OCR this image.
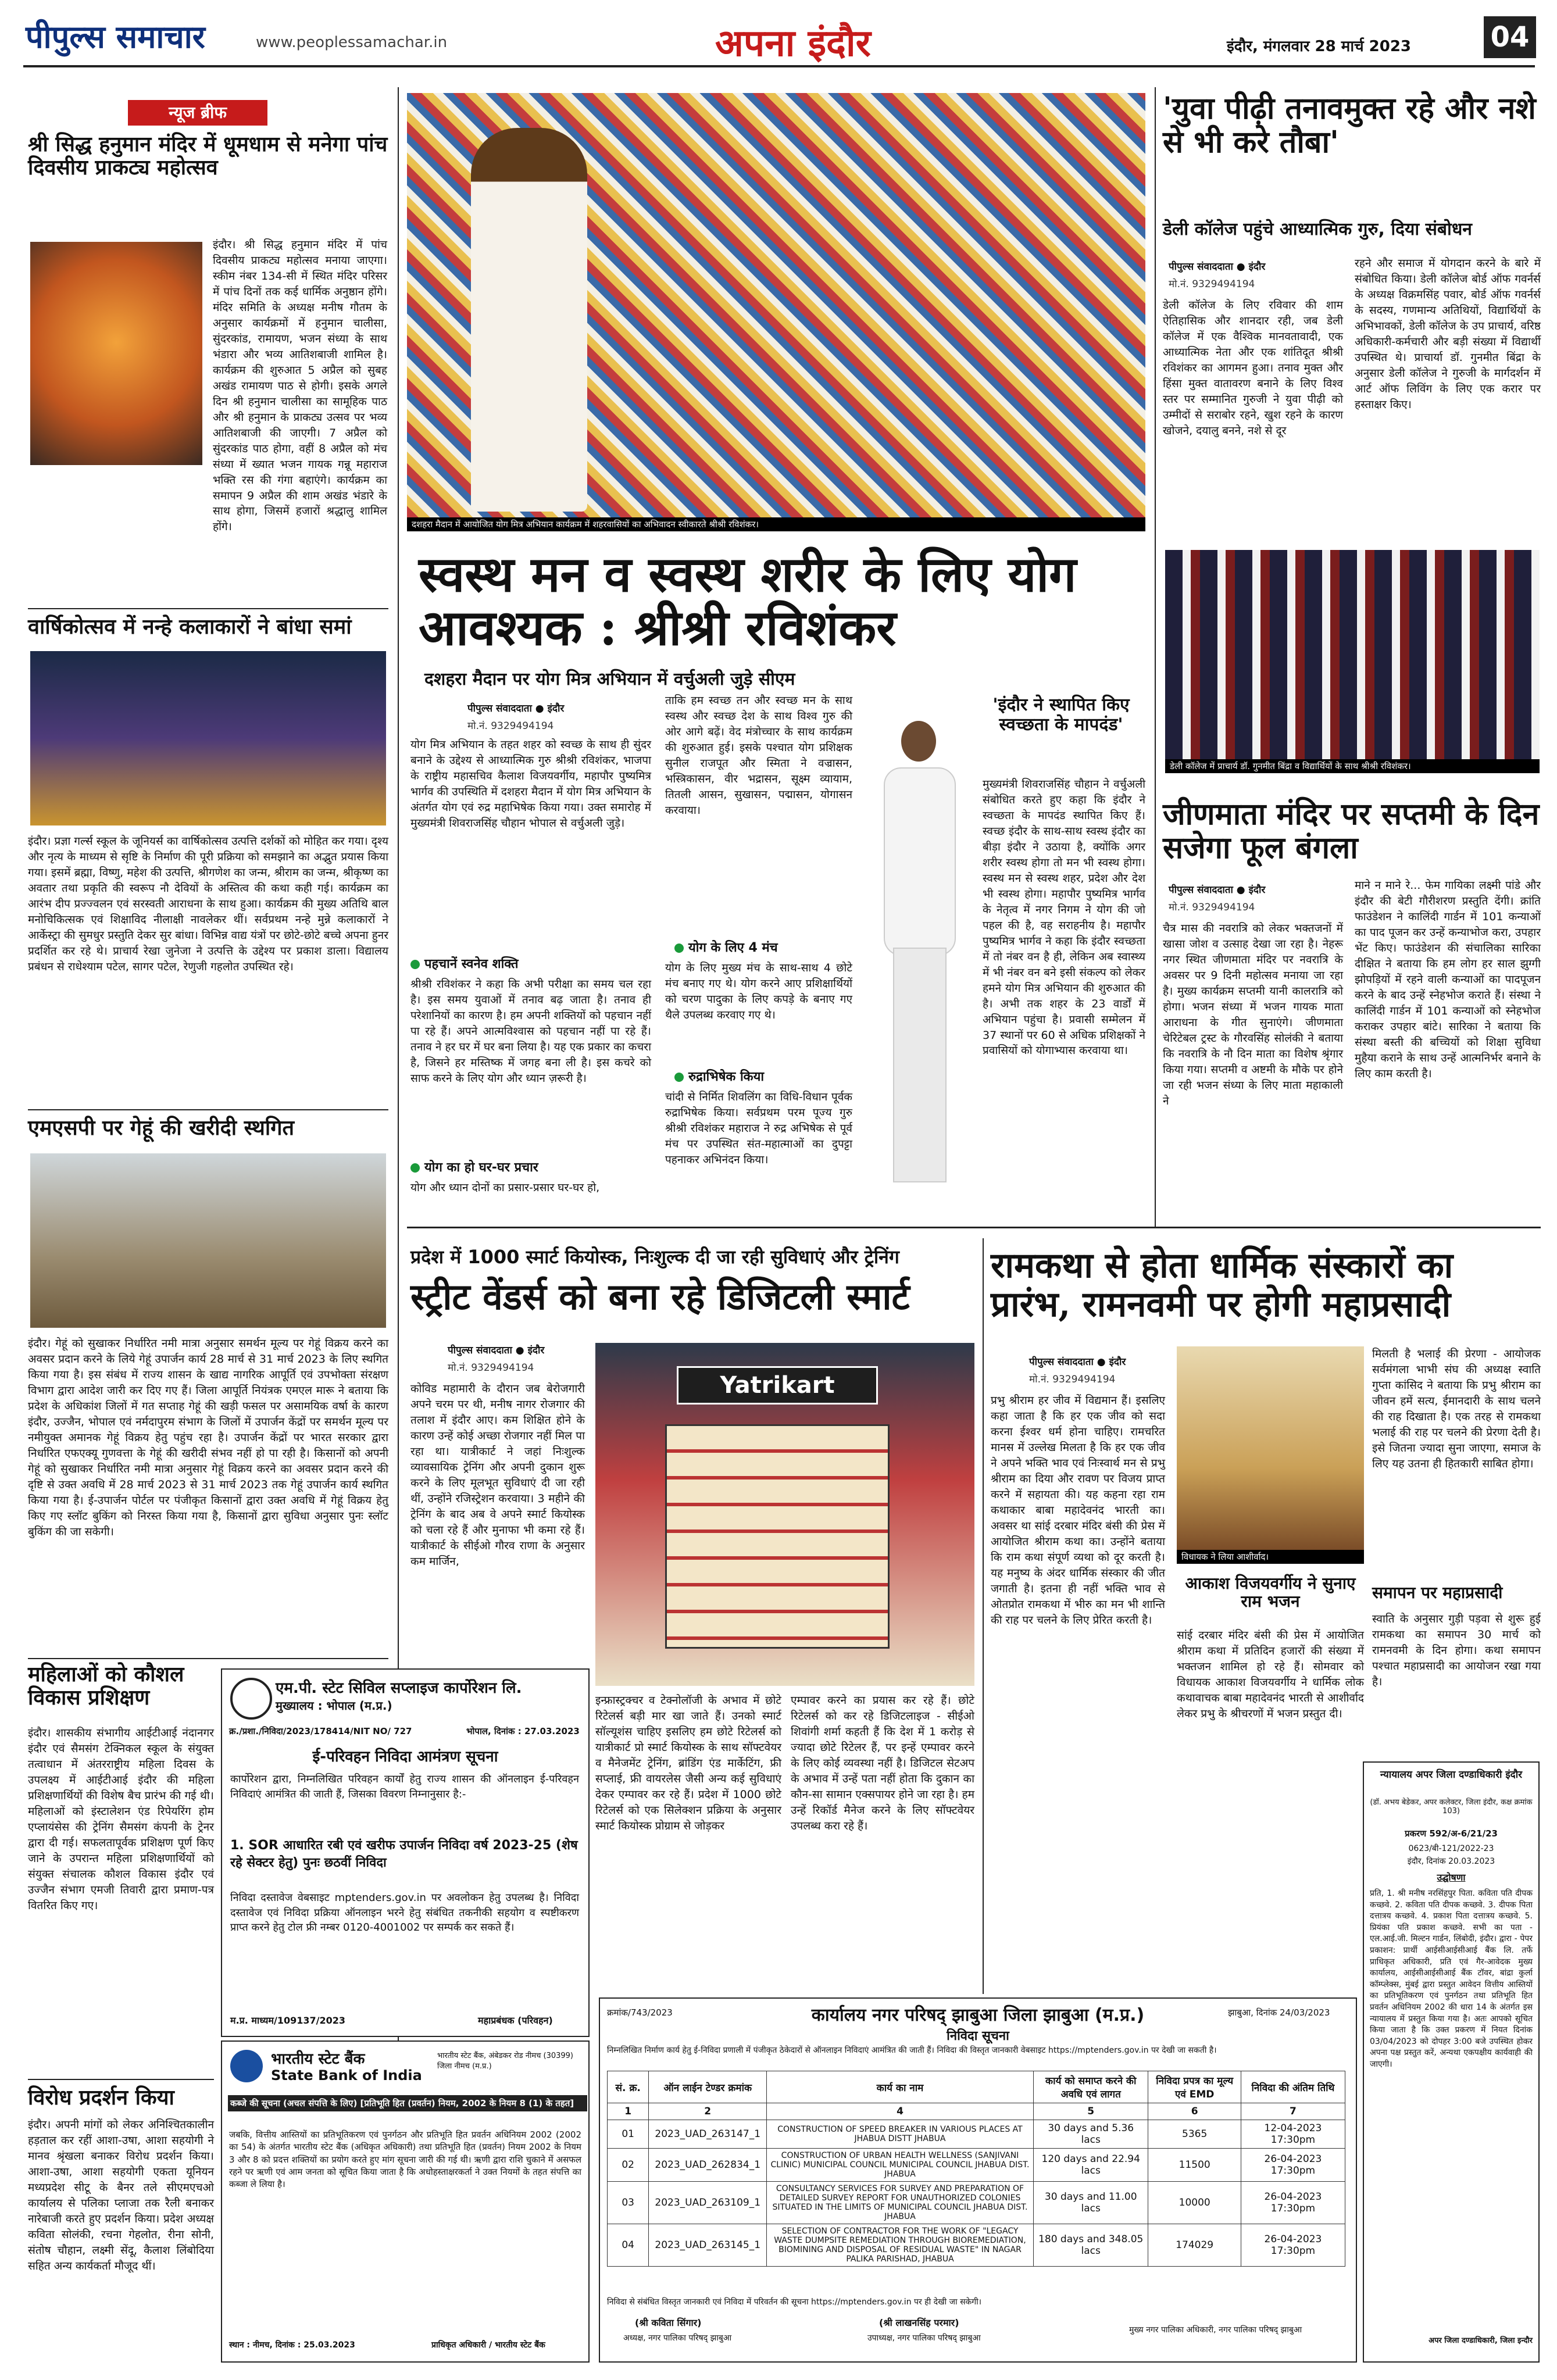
पीपुल्स समाचार	www.peoplessamachar.in	अपना इंदौर	इंदौर, मंगलवार 28 मार्च 2023	04
न्यूज ब्रीफ
श्री सिद्ध हनुमान मंदिर में धूमधाम से मनेगा पांच दिवसीय प्राकट्य महोत्सव
इंदौर। श्री सिद्ध हनुमान मंदिर में पांच दिवसीय प्राकट्य महोत्सव मनाया जाएगा। स्कीम नंबर 134-सी में स्थित मंदिर परिसर में पांच दिनों तक कई धार्मिक अनुष्ठान होंगे। मंदिर समिति के अध्यक्ष मनीष गौतम के अनुसार कार्यक्रमों में हनुमान चालीसा, सुंदरकांड, रामायण, भजन संध्या के साथ भंडारा और भव्य आतिशबाजी शामिल है। कार्यक्रम की शुरुआत 5 अप्रैल को सुबह अखंड रामायण पाठ से होगी। इसके अगले दिन श्री हनुमान चालीसा का सामूहिक पाठ और श्री हनुमान के प्राकट्य उत्सव पर भव्य आतिशबाजी की जाएगी। 7 अप्रैल को सुंदरकांड पाठ होगा, वहीं 8 अप्रैल को मंच संध्या में ख्यात भजन गायक गन्नू महाराज भक्ति रस की गंगा बहाएंगे। कार्यक्रम का समापन 9 अप्रैल की शाम अखंड भंडारे के साथ होगा, जिसमें हजारों श्रद्धालु शामिल होंगे।
वार्षिकोत्सव में नन्हे कलाकारों ने बांधा समां
इंदौर। प्रज्ञा गर्ल्स स्कूल के जूनियर्स का वार्षिकोत्सव उत्पत्ति दर्शकों को मोहित कर गया। दृश्य और नृत्य के माध्यम से सृष्टि के निर्माण की पूरी प्रक्रिया को समझाने का अद्भुत प्रयास किया गया। इसमें ब्रह्मा, विष्णु, महेश की उत्पत्ति, श्रीगणेश का जन्म, श्रीराम का जन्म, श्रीकृष्ण का अवतार तथा प्रकृति की स्वरूप नौ देवियों के अस्तित्व की कथा कही गई। कार्यक्रम का आरंभ दीप प्रज्ज्वलन एवं सरस्वती आराधना के साथ हुआ। कार्यक्रम की मुख्य अतिथि बाल मनोचिकित्सक एवं शिक्षाविद नीलाक्षी नावलेकर थीं। सर्वप्रथम नन्हे मुन्ने कलाकारों ने आर्केस्ट्रा की सुमधुर प्रस्तुति देकर सुर बांधा। विभिन्न वाद्य यंत्रों पर छोटे-छोटे बच्चे अपना हुनर प्रदर्शित कर रहे थे। प्राचार्य रेखा जुनेजा ने उत्पत्ति के उद्देश्य पर प्रकाश डाला। विद्यालय प्रबंधन से राधेश्याम पटेल, सागर पटेल, रेणुजी गहलोत उपस्थित रहे।
एमएसपी पर गेहूं की खरीदी स्थगित
इंदौर। गेहूं को सुखाकर निर्धारित नमी मात्रा अनुसार समर्थन मूल्य पर गेहूं विक्रय करने का अवसर प्रदान करने के लिये गेहूं उपार्जन कार्य 28 मार्च से 31 मार्च 2023 के लिए स्थगित किया गया है। इस संबंध में राज्य शासन के खाद्य नागरिक आपूर्ति एवं उपभोक्ता संरक्षण विभाग द्वारा आदेश जारी कर दिए गए हैं। जिला आपूर्ति नियंत्रक एमएल मारू ने बताया कि प्रदेश के अधिकांश जिलों में गत सप्ताह गेहूं की खड़ी फसल पर असामयिक वर्षा के कारण इंदौर, उज्जैन, भोपाल एवं नर्मदापुरम संभाग के जिलों में उपार्जन केंद्रों पर समर्थन मूल्य पर नमीयुक्त अमानक गेहूं विक्रय हेतु पहुंच रहा है। उपार्जन केंद्रों पर भारत सरकार द्वारा निर्धारित एफएक्यू गुणवत्ता के गेहूं की खरीदी संभव नहीं हो पा रही है। किसानों को अपनी गेहूं को सुखाकर निर्धारित नमी मात्रा अनुसार गेहूं विक्रय करने का अवसर प्रदान करने की दृष्टि से उक्त अवधि में 28 मार्च 2023 से 31 मार्च 2023 तक गेहूं उपार्जन कार्य स्थगित किया गया है। ई-उपार्जन पोर्टल पर पंजीकृत किसानों द्वारा उक्त अवधि में गेहूं विक्रय हेतु किए गए स्लॉट बुकिंग को निरस्त किया गया है, किसानों द्वारा सुविधा अनुसार पुनः स्लॉट बुकिंग की जा सकेगी।
महिलाओं को कौशल विकास प्रशिक्षण
इंदौर। शासकीय संभागीय आईटीआई नंदानगर इंदौर एवं सैमसंग टेक्निकल स्कूल के संयुक्त तत्वाधान में अंतरराष्ट्रीय महिला दिवस के उपलक्ष्य में आईटीआई इंदौर की महिला प्रशिक्षणार्थियों की विशेष बैच प्रारंभ की गई थी। महिलाओं को इंस्टालेशन एंड रिपेयरिंग होम एप्लायंसेस की ट्रेनिंग सैमसंग कंपनी के ट्रेनर द्वारा दी गई। सफलतापूर्वक प्रशिक्षण पूर्ण किए जाने के उपरान्त महिला प्रशिक्षणार्थियों को संयुक्त संचालक कौशल विकास इंदौर एवं उज्जैन संभाग एमजी तिवारी द्वारा प्रमाण-पत्र वितरित किए गए।
विरोध प्रदर्शन किया
इंदौर। अपनी मांगों को लेकर अनिश्चितकालीन हड़ताल कर रहीं आशा-उषा, आशा सहयोगी ने मानव श्रृंखला बनाकर विरोध प्रदर्शन किया। आशा-उषा, आशा सहयोगी एकता यूनियन मध्यप्रदेश सीटू के बैनर तले सीएमएचओ कार्यालय से पलिका प्लाजा तक रैली बनाकर नारेबाजी करते हुए प्रदर्शन किया। प्रदेश अध्यक्ष कविता सोलंकी, रचना गेहलोत, रीना सोनी, संतोष चौहान, लक्ष्मी सेंदू, कैलाश लिंबोदिया सहित अन्य कार्यकर्ता मौजूद थीं।
दशहरा मैदान में आयोजित योग मित्र अभियान कार्यक्रम में शहरवासियों का अभिवादन स्वीकारते श्रीश्री रविशंकर।
स्वस्थ मन व स्वस्थ शरीर के लिए योग आवश्यक : श्रीश्री रविशंकर
दशहरा मैदान पर योग मित्र अभियान में वर्चुअली जुड़े सीएम
पीपुल्स संवाददाता ● इंदौर
मो.नं. 9329494194
योग मित्र अभियान के तहत शहर को स्वच्छ के साथ ही सुंदर बनाने के उद्देश्य से आध्यात्मिक गुरु श्रीश्री रविशंकर, भाजपा के राष्ट्रीय महासचिव कैलाश विजयवर्गीय, महापौर पुष्यमित्र भार्गव की उपस्थिति में दशहरा मैदान में योग मित्र अभियान के अंतर्गत योग एवं रुद्र महाभिषेक किया गया। उक्त समारोह में मुख्यमंत्री शिवराजसिंह चौहान भोपाल से वर्चुअली जुड़े।
पहचानें स्वनेव शक्ति
श्रीश्री रविशंकर ने कहा कि अभी परीक्षा का समय चल रहा है। इस समय युवाओं में तनाव बढ़ जाता है। तनाव ही परेशानियों का कारण है। हम अपनी शक्तियों को पहचान नहीं पा रहे हैं। अपने आत्मविश्वास को पहचान नहीं पा रहे हैं। तनाव ने हर घर में घर बना लिया है। यह एक प्रकार का कचरा है, जिसने हर मस्तिष्क में जगह बना ली है। इस कचरे को साफ करने के लिए योग और ध्यान ज़रूरी है।
योग का हो घर-घर प्रचार
योग और ध्यान दोनों का प्रसार-प्रसार घर-घर हो,
ताकि हम स्वच्छ तन और स्वच्छ मन के साथ स्वस्थ और स्वच्छ देश के साथ विश्व गुरु की ओर आगे बढ़ें। वेद मंत्रोच्चार के साथ कार्यक्रम की शुरुआत हुई। इसके पश्चात योग प्रशिक्षक सुनील राजपूत और स्मिता ने वज्रासन, भस्त्रिकासन, वीर भद्रासन, सूक्ष्म व्यायाम, तितली आसन, सुखासन, पद्मासन, योगासन करवाया।
योग के लिए 4 मंच
योग के लिए मुख्य मंच के साथ-साथ 4 छोटे मंच बनाए गए थे। योग करने आए प्रशिक्षार्थियों को चरण पादुका के लिए कपड़े के बनाए गए थैले उपलब्ध करवाए गए थे।
रुद्राभिषेक किया
चांदी से निर्मित शिवलिंग का विधि-विधान पूर्वक रुद्राभिषेक किया। सर्वप्रथम परम पूज्य गुरु श्रीश्री रविशंकर महाराज ने रुद्र अभिषेक से पूर्व मंच पर उपस्थित संत-महात्माओं का दुपट्टा पहनाकर अभिनंदन किया।
'इंदौर ने स्थापित किए स्वच्छता के मापदंड'
मुख्यमंत्री शिवराजसिंह चौहान ने वर्चुअली संबोधित करते हुए कहा कि इंदौर ने स्वच्छता के मापदंड स्थापित किए हैं। स्वच्छ इंदौर के साथ-साथ स्वस्थ इंदौर का बीड़ा इंदौर ने उठाया है, क्योंकि अगर शरीर स्वस्थ होगा तो मन भी स्वस्थ होगा। स्वस्थ मन से स्वस्थ शहर, प्रदेश और देश भी स्वस्थ होगा। महापौर पुष्यमित्र भार्गव के नेतृत्व में नगर निगम ने योग की जो पहल की है, वह सराहनीय है। महापौर पुष्यमित्र भार्गव ने कहा कि इंदौर स्वच्छता में तो नंबर वन है ही, लेकिन अब स्वास्थ्य में भी नंबर वन बने इसी संकल्प को लेकर हमने योग मित्र अभियान की शुरुआत की है। अभी तक शहर के 23 वार्डों में अभियान पहुंचा है। प्रवासी सम्मेलन में 37 स्थानों पर 60 से अधिक प्रशिक्षकों ने प्रवासियों को योगाभ्यास करवाया था।
'युवा पीढ़ी तनावमुक्त रहे और नशे से भी करे तौबा'
डेली कॉलेज पहुंचे आध्यात्मिक गुरु, दिया संबोधन
पीपुल्स संवाददाता ● इंदौर
मो.नं. 9329494194
डेली कॉलेज के लिए रविवार की शाम ऐतिहासिक और शानदार रही, जब डेली कॉलेज में एक वैश्विक मानवतावादी, एक आध्यात्मिक नेता और एक शांतिदूत श्रीश्री रविशंकर का आगमन हुआ। तनाव मुक्त और हिंसा मुक्त वातावरण बनाने के लिए विश्व स्तर पर सम्मानित गुरुजी ने युवा पीढ़ी को उम्मीदों से सराबोर रहने, खुश रहने के कारण खोजने, दयालु बनने, नशे से दूर
रहने और समाज में योगदान करने के बारे में संबोधित किया। डेली कॉलेज बोर्ड ऑफ गवर्नर्स के अध्यक्ष विक्रमसिंह पवार, बोर्ड ऑफ गवर्नर्स के सदस्य, गणमान्य अतिथियों, विद्यार्थियों के अभिभावकों, डेली कॉलेज के उप प्राचार्य, वरिष्ठ अधिकारी-कर्मचारी और बड़ी संख्या में विद्यार्थी उपस्थित थे। प्राचार्या डॉ. गुनमीत बिंद्रा के अनुसार डेली कॉलेज ने गुरुजी के मार्गदर्शन में आर्ट ऑफ लिविंग के लिए एक करार पर हस्ताक्षर किए।
डेली कॉलेज में प्राचार्य डॉ. गुनमीत बिंद्रा व विद्यार्थियों के साथ श्रीश्री रविशंकर।
जीणमाता मंदिर पर सप्तमी के दिन सजेगा फूल बंगला
पीपुल्स संवाददाता ● इंदौर
मो.नं. 9329494194
चैत्र मास की नवरात्रि को लेकर भक्तजनों में खासा जोश व उत्साह देखा जा रहा है। नेहरू नगर स्थित जीणमाता मंदिर पर नवरात्रि के अवसर पर 9 दिनी महोत्सव मनाया जा रहा है। मुख्य कार्यक्रम सप्तमी यानी कालरात्रि को होगा। भजन संध्या में भजन गायक माता आराधना के गीत सुनाएंगे। जीणमाता चेरिटेबल ट्रस्ट के गौरवसिंह सोलंकी ने बताया कि नवरात्रि के नौ दिन माता का विशेष श्रृंगार किया गया। सप्तमी व अष्टमी के मौके पर होने जा रही भजन संध्या के लिए माता महाकाली ने
माने न माने रे... फेम गायिका लक्ष्मी पांडे और इंदौर की बेटी गौरीशरण प्रस्तुति देंगी। क्रांति फाउंडेशन ने कालिंदी गार्डन में 101 कन्याओं का पाद पूजन कर उन्हें कन्याभोज करा, उपहार भेंट किए। फाउंडेशन की संचालिका सारिका दीक्षित ने बताया कि हम लोग हर साल झुग्गी झोपड़ियों में रहने वाली कन्याओं का पादपूजन करने के बाद उन्हें स्नेहभोज कराते हैं। संस्था ने कालिंदी गार्डन में 101 कन्याओं को स्नेहभोज कराकर उपहार बांटे। सारिका ने बताया कि संस्था बस्ती की बच्चियों को शिक्षा सुविधा मुहैया कराने के साथ उन्हें आत्मनिर्भर बनाने के लिए काम करती है।
प्रदेश में 1000 स्मार्ट कियोस्क, निःशुल्क दी जा रही सुविधाएं और ट्रेनिंग
स्ट्रीट वेंडर्स को बना रहे डिजिटली स्मार्ट
पीपुल्स संवाददाता ● इंदौर
मो.नं. 9329494194
कोविड महामारी के दौरान जब बेरोजगारी अपने चरम पर थी, मनीष नागर रोजगार की तलाश में इंदौर आए। कम शिक्षित होने के कारण उन्हें कोई अच्छा रोजगार नहीं मिल पा रहा था। यात्रीकार्ट ने जहां निःशुल्क व्यावसायिक ट्रेनिंग और अपनी दुकान शुरू करने के लिए मूलभूत सुविधाएं दी जा रही थीं, उन्होंने रजिस्ट्रेशन करवाया। 3 महीने की ट्रेनिंग के बाद अब वे अपने स्मार्ट कियोस्क को चला रहे हैं और मुनाफा भी कमा रहे हैं। यात्रीकार्ट के सीईओ गौरव राणा के अनुसार कम मार्जिन,
Yatrikart
इन्फ्रास्ट्रक्चर व टेक्नोलॉजी के अभाव में छोटे रिटेलर्स बड़ी मार खा जाते हैं। उनको स्मार्ट सॉल्यूशंस चाहिए इसलिए हम छोटे रिटेलर्स को यात्रीकार्ट प्रो स्मार्ट कियोस्क के साथ सॉफ्टवेयर व मैनेजमेंट ट्रेनिंग, ब्रांडिंग एंड मार्केटिंग, फ्री सप्लाई, फ्री वायरलेस जैसी अन्य कई सुविधाएं देकर एम्पावर कर रहे हैं। प्रदेश में 1000 छोटे रिटेलर्स को एक सिलेक्शन प्रक्रिया के अनुसार स्मार्ट कियोस्क प्रोग्राम से जोड़कर
एम्पावर करने का प्रयास कर रहे हैं। छोटे रिटेलर्स को कर रहे डिजिटलाइज - सीईओ शिवांगी शर्मा कहती हैं कि देश में 1 करोड़ से ज्यादा छोटे रिटेलर हैं, पर इन्हें एम्पावर करने के लिए कोई व्यवस्था नहीं है। डिजिटल सेटअप के अभाव में उन्हें पता नहीं होता कि दुकान का कौन-सा सामान एक्सपायर होने जा रहा है। हम उन्हें रिकॉर्ड मैनेज करने के लिए सॉफ्टवेयर उपलब्ध करा रहे हैं।
रामकथा से होता धार्मिक संस्कारों का प्रारंभ, रामनवमी पर होगी महाप्रसादी
पीपुल्स संवाददाता ● इंदौर
मो.नं. 9329494194
प्रभु श्रीराम हर जीव में विद्यमान हैं। इसलिए कहा जाता है कि हर एक जीव को सदा करना ईश्वर धर्म होना चाहिए। रामचरित मानस में उल्लेख मिलता है कि हर एक जीव ने अपने भक्ति भाव एवं निःस्वार्थ मन से प्रभु श्रीराम का दिया और रावण पर विजय प्राप्त करने में सहायता की। यह कहना रहा राम कथाकार बाबा महादेवनंद भारती का। अवसर था सांई दरबार मंदिर बंसी की प्रेस में आयोजित श्रीराम कथा का। उन्होंने बताया कि राम कथा संपूर्ण व्यथा को दूर करती है। यह मनुष्य के अंदर धार्मिक संस्कार की जीत जगाती है। इतना ही नहीं भक्ति भाव से ओतप्रोत रामकथा में भीरु का मन भी शान्ति की राह पर चलने के लिए प्रेरित करती है।
विधायक ने लिया आशीर्वाद।
आकाश विजयवर्गीय ने सुनाए राम भजन
सांई दरबार मंदिर बंसी की प्रेस में आयोजित श्रीराम कथा में प्रतिदिन हजारों की संख्या में भक्तजन शामिल हो रहे हैं। सोमवार को विधायक आकाश विजयवर्गीय ने धार्मिक लोक कथावाचक बाबा महादेवनंद भारती से आशीर्वाद लेकर प्रभु के श्रीचरणों में भजन प्रस्तुत दी।
मिलती है भलाई की प्रेरणा - आयोजक सर्वमंगला भाभी संघ की अध्यक्ष स्वाति गुप्ता कांसिद ने बताया कि प्रभु श्रीराम का जीवन हमें सत्य, ईमानदारी के साथ चलने की राह दिखाता है। एक तरह से रामकथा भलाई की राह पर चलने की प्रेरणा देती है। इसे जितना ज्यादा सुना जाएगा, समाज के लिए यह उतना ही हितकारी साबित होगा।
समापन पर महाप्रसादी
स्वाति के अनुसार गुड़ी पड़वा से शुरू हुई रामकथा का समापन 30 मार्च को रामनवमी के दिन होगा। कथा समापन पश्चात महाप्रसादी का आयोजन रखा गया है।
एम.पी. स्टेट सिविल सप्लाइज कार्पोरेशन लि.
मुख्यालय : भोपाल (म.प्र.)
क्र./प्रशा./निविदा/2023/178414/NIT NO/ 727	भोपाल, दिनांक : 27.03.2023
ई-परिवहन निविदा आमंत्रण सूचना
कार्पोरेशन द्वारा, निम्नलिखित परिवहन कार्यों हेतु राज्य शासन की ऑनलाइन ई-परिवहन निविदाएं आमंत्रित की जाती हैं, जिसका विवरण निम्नानुसार है:-
1. SOR आधारित रबी एवं खरीफ उपार्जन निविदा वर्ष 2023-25 (शेष रहे सेक्टर हेतु) पुनः छठवीं निविदा
निविदा दस्तावेज वेबसाइट mptenders.gov.in पर अवलोकन हेतु उपलब्ध है। निविदा दस्तावेज एवं निविदा प्रक्रिया ऑनलाइन भरने हेतु संबंधित तकनीकी सहयोग व स्पष्टीकरण प्राप्त करने हेतु टोल फ्री नम्बर 0120-4001002 पर सम्पर्क कर सकते हैं।
म.प्र. माध्यम/109137/2023	महाप्रबंधक (परिवहन)
भारतीय स्टेट बैंक
State Bank of India
भारतीय स्टेट बैंक, अंबेडकर रोड नीमच (30399) जिला नीमच (म.प्र.)
कब्जे की सूचना (अचल संपत्ति के लिए) [प्रतिभूति हित (प्रवर्तन) नियम, 2002 के नियम 8 (1) के तहत]
जबकि, वित्तीय आस्तियों का प्रतिभूतिकरण एवं पुनर्गठन और प्रतिभूति हित प्रवर्तन अधिनियम 2002 (2002 का 54) के अंतर्गत भारतीय स्टेट बैंक (अधिकृत अधिकारी) तथा प्रतिभूति हित (प्रवर्तन) नियम 2002 के नियम 3 और 8 को प्रदत्त शक्तियों का प्रयोग करते हुए मांग सूचना जारी की गई थी। ऋणी द्वारा राशि चुकाने में असफल रहने पर ऋणी एवं आम जनता को सूचित किया जाता है कि अधोहस्ताक्षरकर्ता ने उक्त नियमों के तहत संपत्ति का कब्जा ले लिया है।
स्थान : नीमच, दिनांक : 25.03.2023	प्राधिकृत अधिकारी / भारतीय स्टेट बैंक
क्रमांक/743/2023	कार्यालय नगर परिषद् झाबुआ जिला झाबुआ (म.प्र.)	झाबुआ, दिनांक 24/03/2023
निविदा सूचना
निम्नलिखित निर्माण कार्य हेतु ई-निविदा प्रणाली में पंजीकृत ठेकेदारों से ऑनलाइन निविदाएं आमंत्रित की जाती हैं। निविदा की विस्तृत जानकारी वेबसाइट https://mptenders.gov.in पर देखी जा सकती है।
सं. क्र.	ऑन लाईन टेण्डर क्रमांक	कार्य का नाम	कार्य को समाप्त करने की अवधि एवं लागत	निविदा प्रपत्र का मूल्य एवं EMD	निविदा की अंतिम तिथि
1	2	4	5	6	7
01	2023_UAD_263147_1	CONSTRUCTION OF SPEED BREAKER IN VARIOUS PLACES AT JHABUA DISTT JHABUA	30 days and 5.36 lacs	5365	12-04-2023 17:30pm
02	2023_UAD_262834_1	CONSTRUCTION OF URBAN HEALTH WELLNESS (SANJIVANI CLINIC) MUNICIPAL COUNCIL MUNICIPAL COUNCIL JHABUA DIST. JHABUA	120 days and 22.94 lacs	11500	26-04-2023 17:30pm
03	2023_UAD_263109_1	CONSULTANCY SERVICES FOR SURVEY AND PREPARATION OF DETAILED SURVEY REPORT FOR UNAUTHORIZED COLONIES SITUATED IN THE LIMITS OF MUNICIPAL COUNCIL JHABUA DIST. JHABUA	30 days and 11.00 lacs	10000	26-04-2023 17:30pm
04	2023_UAD_263145_1	SELECTION OF CONTRACTOR FOR THE WORK OF "LEGACY WASTE DUMPSITE REMEDIATION THROUGH BIOREMEDIATION, BIOMINING AND DISPOSAL OF RESIDUAL WASTE" IN NAGAR PALIKA PARISHAD, JHABUA	180 days and 348.05 lacs	174029	26-04-2023 17:30pm
निविदा से संबंधित विस्तृत जानकारी एवं निविदा में परिवर्तन की सूचना https://mptenders.gov.in पर ही देखी जा सकेगी।
(श्री कविता सिंगार)
अध्यक्ष, नगर पालिका परिषद् झाबुआ
(श्री लाखनसिंह परमार)
उपाध्यक्ष, नगर पालिका परिषद् झाबुआ
मुख्य नगर पालिका अधिकारी, नगर पालिका परिषद् झाबुआ
न्यायालय अपर जिला दण्डाधिकारी इंदौर
(डॉ. अभय बेडेकर, अपर कलेक्टर, जिला इंदौर, कक्ष क्रमांक 103)
प्रकरण 592/अ-6/21/23
0623/बी-121/2022-23
इंदौर, दिनांक 20.03.2023
उद्घोषणा
प्रति, 1. श्री मनीष नरसिंहपुर पिता. कविता पति दीपक कच्छवे. 2. कविता पति दीपक कच्छवे. 3. दीपक पिता दत्तात्रय कच्छवे. 4. प्रकाश पिता दत्तात्रय कच्छवे. 5. प्रियंका पति प्रकाश कच्छवे. सभी का पता - एल.आई.जी. मिल्टन गार्डन, लिंबोदी, इंदौर। द्वारा - पेपर प्रकाशन: प्रार्थी आईसीआईसीआई बैंक लि. तर्फे प्राधिकृत अधिकारी, प्रति एवं गैर-आवेदक मुख्य कार्यालय, आईसीआईसीआई बैंक टॉवर, बांद्रा कुर्ला कॉम्प्लेक्स, मुंबई द्वारा प्रस्तुत आवेदन वित्तीय आस्तियों का प्रतिभूतिकरण एवं पुनर्गठन तथा प्रतिभूति हित प्रवर्तन अधिनियम 2002 की धारा 14 के अंतर्गत इस न्यायालय में प्रस्तुत किया गया है। अतः आपको सूचित किया जाता है कि उक्त प्रकरण में नियत दिनांक 03/04/2023 को दोपहर 3:00 बजे उपस्थित होकर अपना पक्ष प्रस्तुत करें, अन्यथा एकपक्षीय कार्यवाही की जाएगी।
अपर जिला दण्डाधिकारी, जिला इन्दौर
